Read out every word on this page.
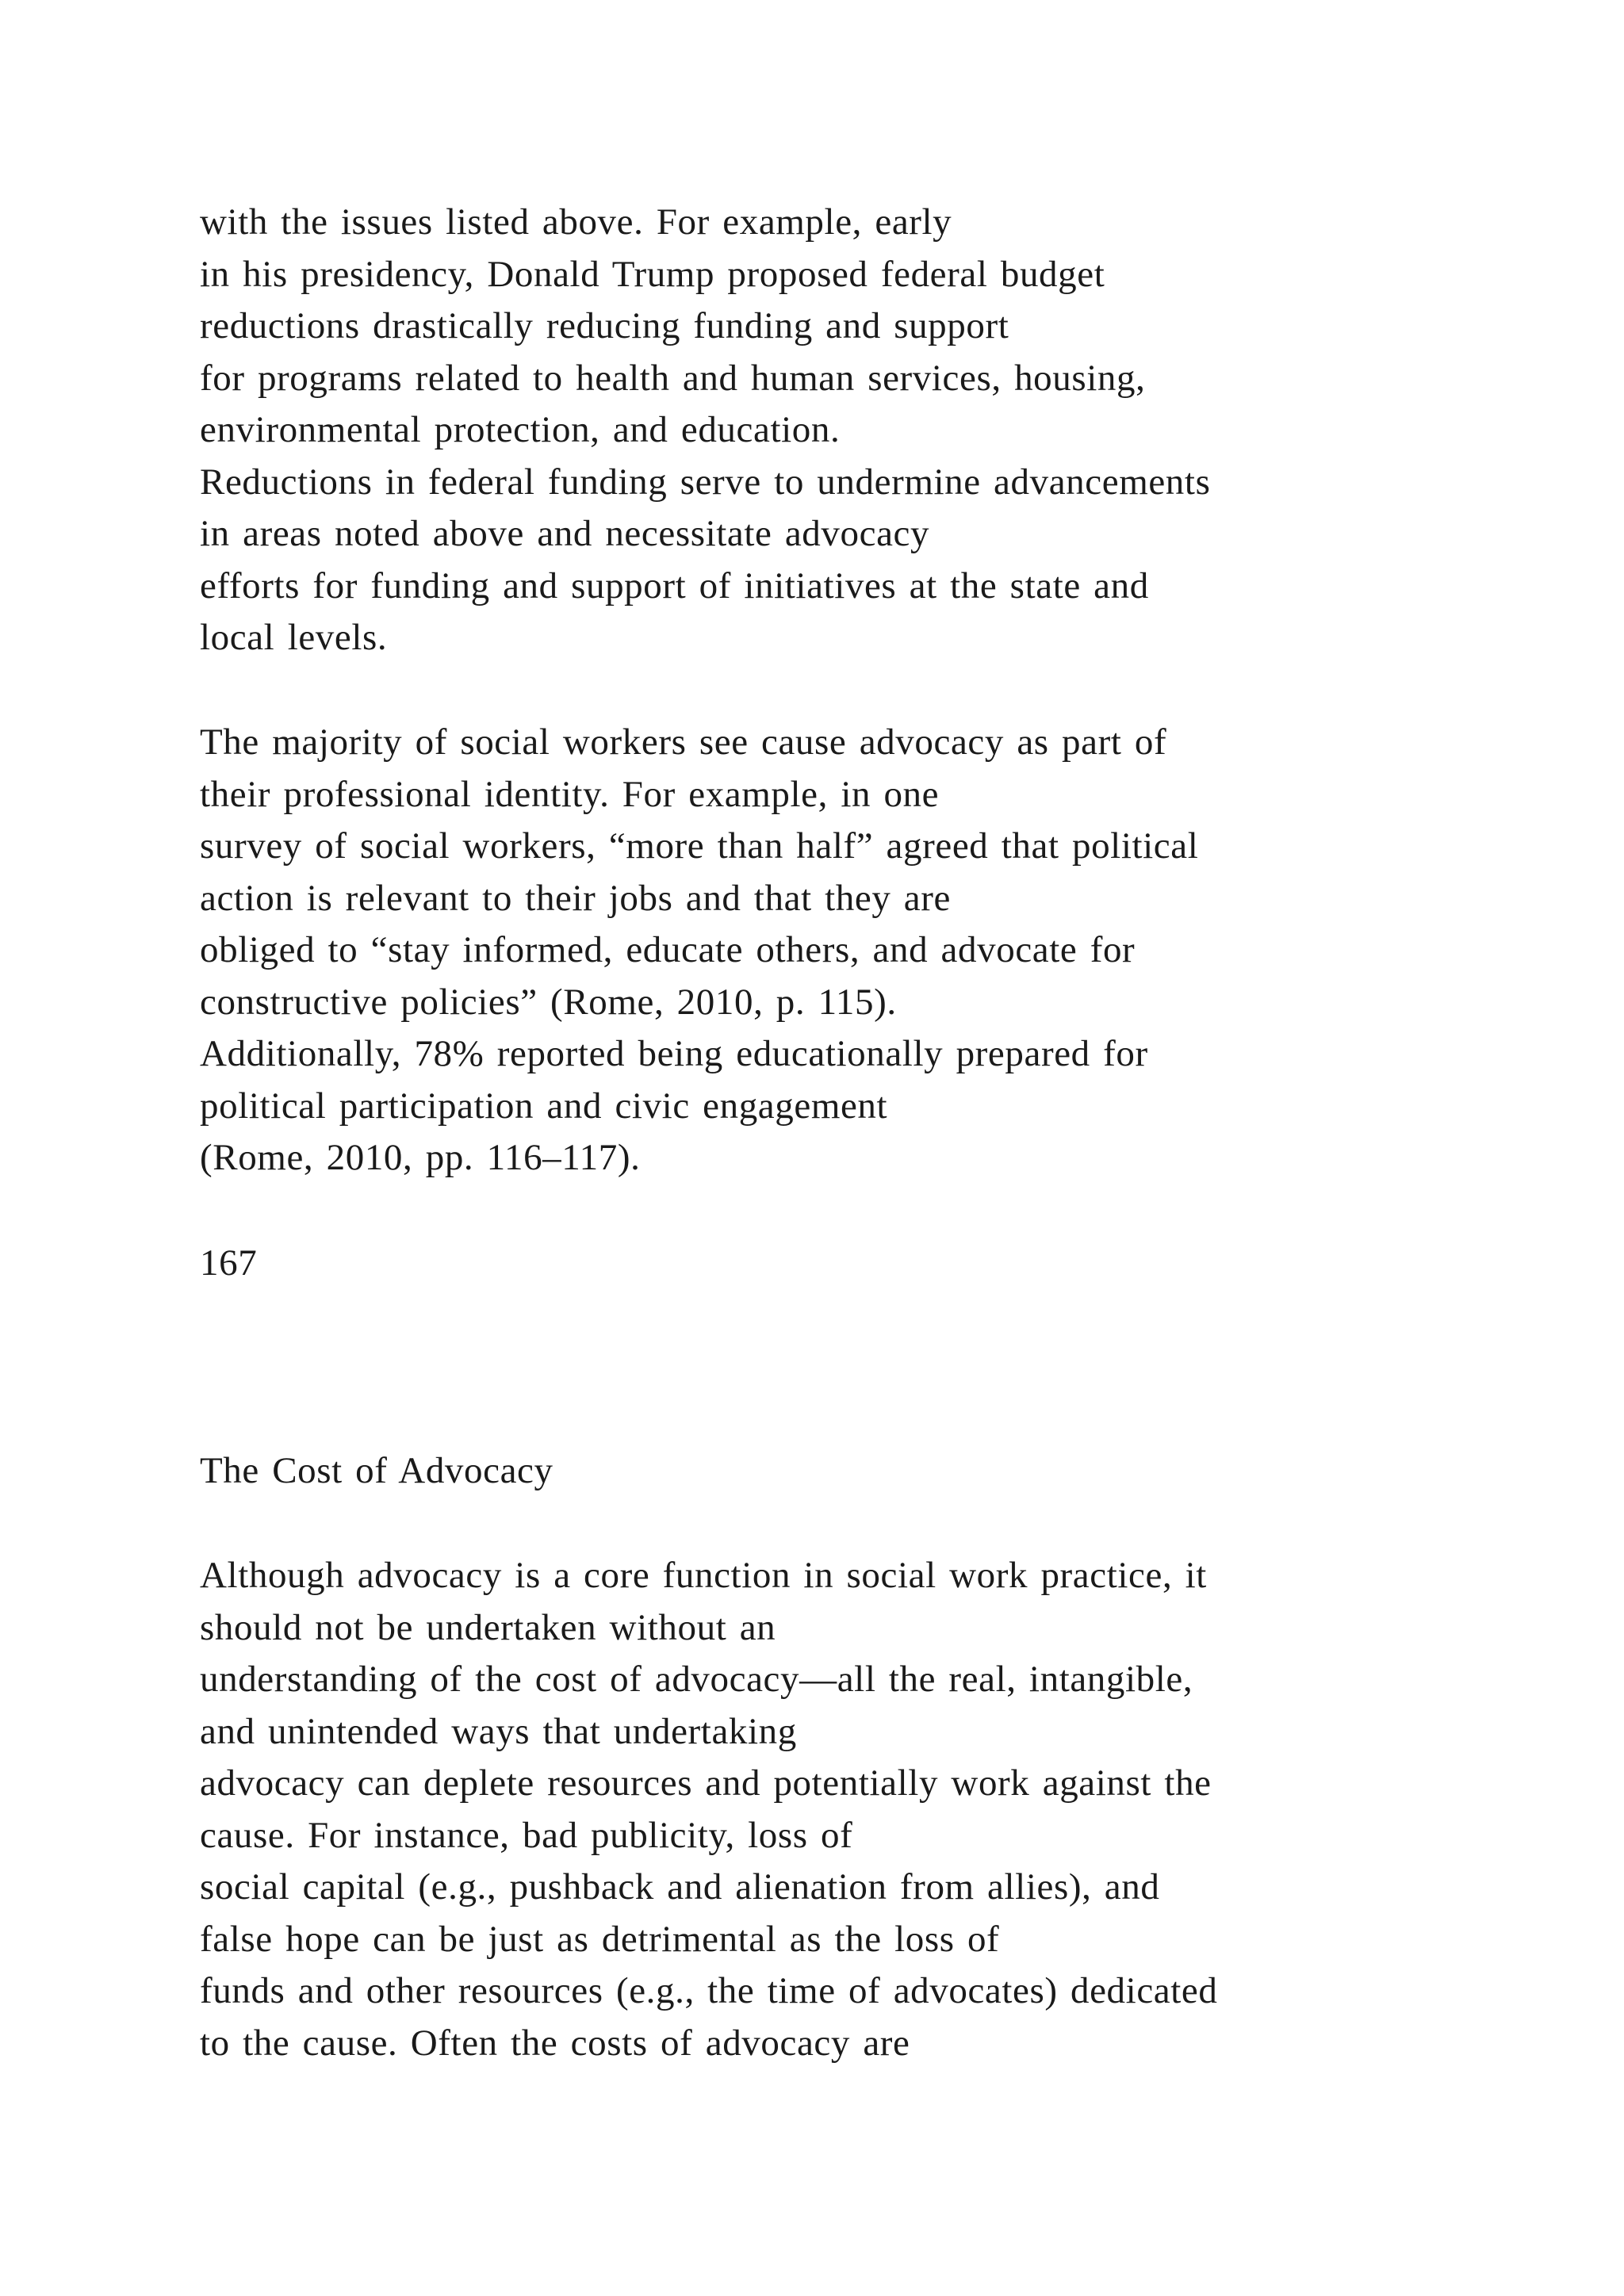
with the issues listed above. For example, early
in his presidency, Donald Trump proposed federal budget
reductions drastically reducing funding and support
for programs related to health and human services, housing,
environmental protection, and education.
Reductions in federal funding serve to undermine advancements
in areas noted above and necessitate advocacy
efforts for funding and support of initiatives at the state and
local levels.
The majority of social workers see cause advocacy as part of
their professional identity. For example, in one
survey of social workers, “more than half” agreed that political
action is relevant to their jobs and that they are
obliged to “stay informed, educate others, and advocate for
constructive policies” (Rome, 2010, p. 115).
Additionally, 78% reported being educationally prepared for
political participation and civic engagement
(Rome, 2010, pp. 116–117).
167
The Cost of Advocacy
Although advocacy is a core function in social work practice, it
should not be undertaken without an
understanding of the cost of advocacy—all the real, intangible,
and unintended ways that undertaking
advocacy can deplete resources and potentially work against the
cause. For instance, bad publicity, loss of
social capital (e.g., pushback and alienation from allies), and
false hope can be just as detrimental as the loss of
funds and other resources (e.g., the time of advocates) dedicated
to the cause. Often the costs of advocacy are
